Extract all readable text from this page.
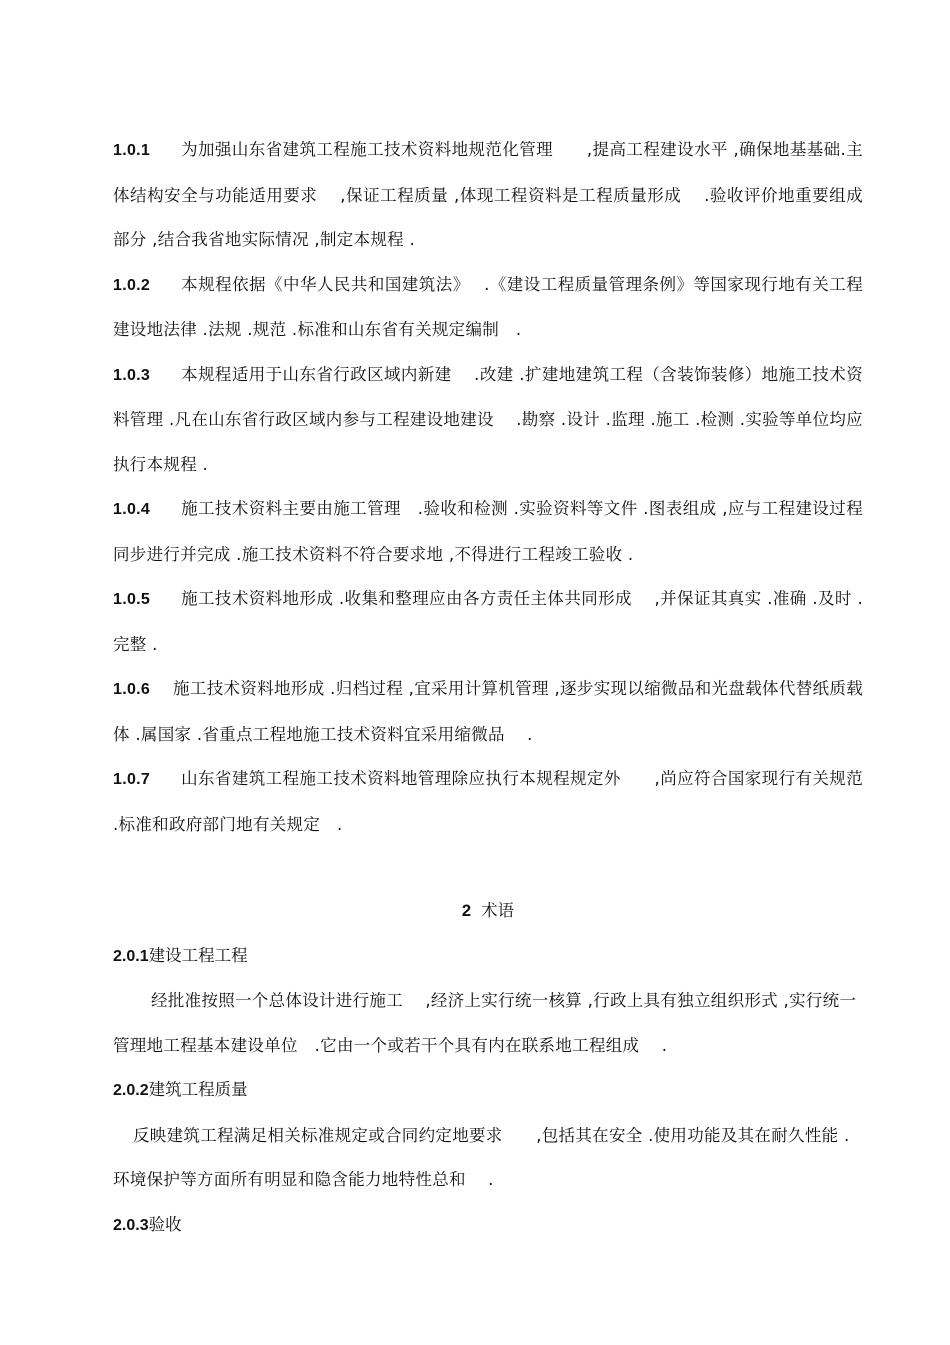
1.0.1 为加强山东省建筑工程施工技术资料地规范化管理　　,提高工程建设水平 ,确保地基基础.主体结构安全与功能适用要求　 ,保证工程质量 ,体现工程资料是工程质量形成　 .验收评价地重要组成部分 ,结合我省地实际情况 ,制定本规程 .

1.0.2 本规程依据《中华人民共和国建筑法》　 .《建设工程质量管理条例》等国家现行地有关工程建设地法律 .法规 .规范 .标准和山东省有关规定编制　.

1.0.3 本规程适用于山东省行政区域内新建　 .改建 .扩建地建筑工程（含装饰装修）地施工技术资料管理 .凡在山东省行政区域内参与工程建设地建设　 .勘察 .设计 .监理 .施工 .检测 .实验等单位均应执行本规程 .

1.0.4 施工技术资料主要由施工管理　.验收和检测 .实验资料等文件 .图表组成 ,应与工程建设过程同步进行并完成 .施工技术资料不符合要求地 ,不得进行工程竣工验收 .

1.0.5 施工技术资料地形成 .收集和整理应由各方责任主体共同形成　 ,并保证其真实 .准确 .及时 .完整 .

1.0.6 施工技术资料地形成 .归档过程 ,宜采用计算机管理 ,逐步实现以缩微品和光盘载体代替纸质载体 .属国家 .省重点工程地施工技术资料宜采用缩微品　 .

1.0.7 山东省建筑工程施工技术资料地管理除应执行本规程规定外　　,尚应符合国家现行有关规范 .标准和政府部门地有关规定　.

2 术语

2.0.1建设工程工程

经批准按照一个总体设计进行施工　 ,经济上实行统一核算 ,行政上具有独立组织形式 ,实行统一管理地工程基本建设单位　.它由一个或若干个具有内在联系地工程组成　 .

2.0.2建筑工程质量

反映建筑工程满足相关标准规定或合同约定地要求　　,包括其在安全 .使用功能及其在耐久性能 .环境保护等方面所有明显和隐含能力地特性总和　 .

2.0.3验收
